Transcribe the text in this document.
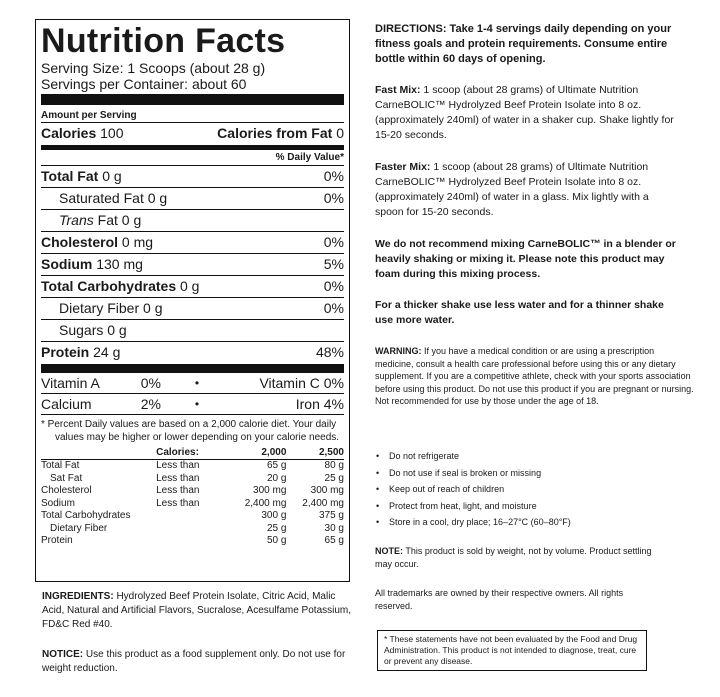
Nutrition Facts
Serving Size: 1 Scoops (about 28 g)
Servings per Container: about 60
Amount per Serving
Calories 100	Calories from Fat 0
% Daily Value*
Total Fat 0 g	0%
Saturated Fat 0 g	0%
Trans Fat 0 g
Cholesterol 0 mg	0%
Sodium 130 mg	5%
Total Carbohydrates 0 g	0%
Dietary Fiber 0 g	0%
Sugars 0 g
Protein 24 g	48%
Vitamin A	0%	•	Vitamin C 0%
Calcium	2%	•	Iron 4%
* Percent Daily values are based on a 2,000 calorie diet. Your daily
values may be higher or lower depending on your calorie needs.
	Calories:	2,000	2,500
Total Fat	Less than	65 g	80 g
Sat Fat	Less than	20 g	25 g
Cholesterol	Less than	300 mg	300 mg
Sodium	Less than	2,400 mg	2,400 mg
Total Carbohydrates		300 g	375 g
Dietary Fiber		25 g	30 g
Protein		50 g	65 g
INGREDIENTS: Hydrolyzed Beef Protein Isolate, Citric Acid, Malic Acid, Natural and Artificial Flavors, Sucralose, Acesulfame Potassium, FD&C Red #40.
NOTICE: Use this product as a food supplement only. Do not use for weight reduction.
DIRECTIONS: Take 1-4 servings daily depending on your fitness goals and protein requirements. Consume entire bottle within 60 days of opening.
Fast Mix: 1 scoop (about 28 grams) of Ultimate Nutrition CarneBOLIC™ Hydrolyzed Beef Protein Isolate into 8 oz. (approximately 240ml) of water in a shaker cup. Shake lightly for 15-20 seconds.
Faster Mix: 1 scoop (about 28 grams) of Ultimate Nutrition CarneBOLIC™ Hydrolyzed Beef Protein Isolate into 8 oz. (approximately 240ml) of water in a glass. Mix lightly with a spoon for 15-20 seconds.
We do not recommend mixing CarneBOLIC™ in a blender or heavily shaking or mixing it. Please note this product may foam during this mixing process.
For a thicker shake use less water and for a thinner shake use more water.
WARNING: If you have a medical condition or are using a prescription medicine, consult a health care professional before using this or any dietary supplement. If you are a competitive athlete, check with your sports association before using this product. Do not use this product if you are pregnant or nursing. Not recommended for use by those under the age of 18.
• Do not refrigerate
• Do not use if seal is broken or missing
• Keep out of reach of children
• Protect from heat, light, and moisture
• Store in a cool, dry place; 16–27°C (60–80°F)
NOTE: This product is sold by weight, not by volume. Product settling may occur.
All trademarks are owned by their respective owners. All rights reserved.
* These statements have not been evaluated by the Food and Drug Administration. This product is not intended to diagnose, treat, cure or prevent any disease.
